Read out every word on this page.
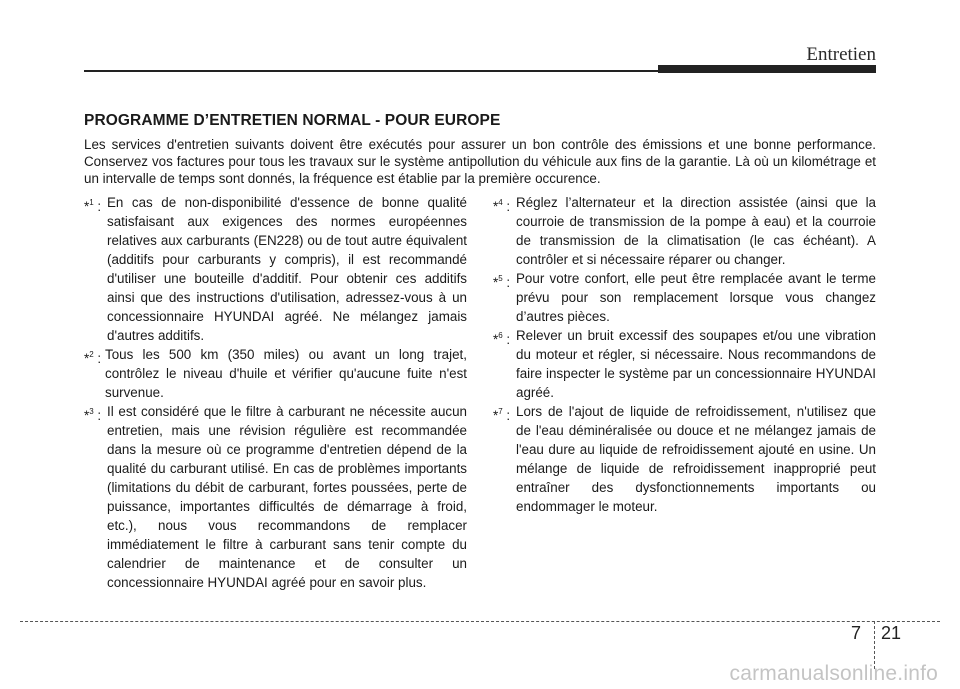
Entretien
PROGRAMME D’ENTRETIEN NORMAL - POUR EUROPE
Les services d'entretien suivants doivent être exécutés pour assurer un bon contrôle des émissions et une bonne performance. Conservez vos factures pour tous les travaux sur le système antipollution du véhicule aux fins de la garantie. Là où un kilométrage et un intervalle de temps sont donnés, la fréquence est établie par la première occurence.
*$^1$ : En cas de non-disponibilité d'essence de bonne qualité satisfaisant aux exigences des normes européennes relatives aux carburants (EN228) ou de tout autre équivalent (additifs pour carburants y compris), il est recommandé d'utiliser une bouteille d'additif. Pour obtenir ces additifs ainsi que des instructions d'utilisation, adressez-vous à un concessionnaire HYUNDAI agréé. Ne mélangez jamais d'autres additifs.
*$^2$ : Tous les 500 km (350 miles) ou avant un long trajet, contrôlez le niveau d'huile et vérifier qu'aucune fuite n'est survenue.
*$^3$ : Il est considéré que le filtre à carburant ne nécessite aucun entretien, mais une révision régulière est recommandée dans la mesure où ce programme d'entretien dépend de la qualité du carburant utilisé. En cas de problèmes importants (limitations du débit de carburant, fortes poussées, perte de puissance, importantes difficultés de démarrage à froid, etc.), nous vous recommandons de remplacer immédiatement le filtre à carburant sans tenir compte du calendrier de maintenance et de consulter un concessionnaire HYUNDAI agréé pour en savoir plus.
*$^4$ : Réglez l’alternateur et la direction assistée (ainsi que la courroie de transmission de la pompe à eau) et la courroie de transmission de la climatisation (le cas échéant). A contrôler et si nécessaire réparer ou changer.
*$^5$ : Pour votre confort, elle peut être remplacée avant le terme prévu pour son remplacement lorsque vous changez d’autres pièces.
*$^6$ : Relever un bruit excessif des soupapes et/ou une vibration du moteur et régler, si nécessaire. Nous recommandons de faire inspecter le système par un concessionnaire HYUNDAI agréé.
*$^7$ : Lors de l'ajout de liquide de refroidissement, n'utilisez que de l'eau déminéralisée ou douce et ne mélangez jamais de l'eau dure au liquide de refroidissement ajouté en usine. Un mélange de liquide de refroidissement inapproprié peut entraîner des dysfonctionnements importants ou endommager le moteur.
7 21
carmanualsonline.info
